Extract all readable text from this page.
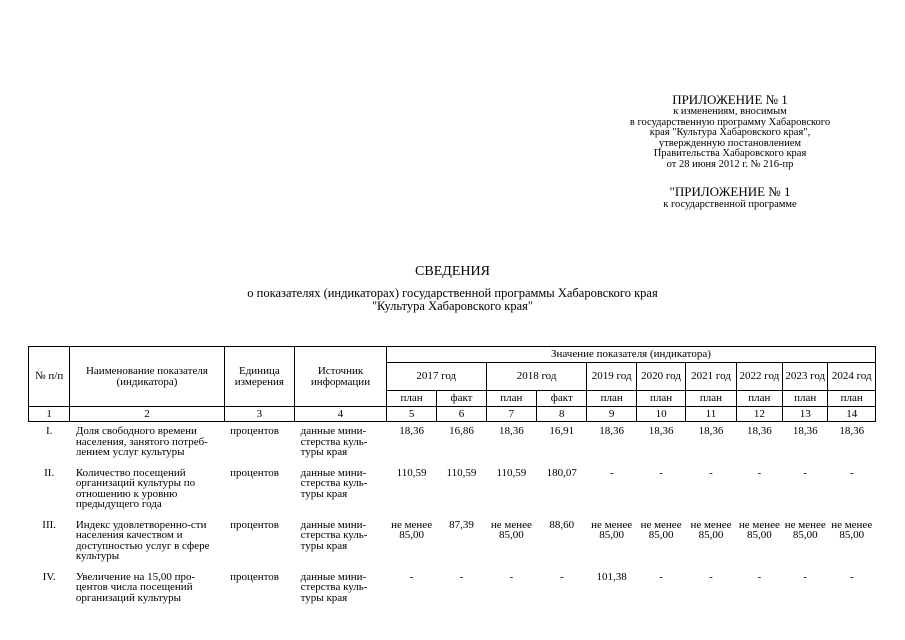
ПРИЛОЖЕНИЕ № 1
к изменениям, вносимым
в государственную программу Хабаровского
края "Культура Хабаровского края",
утвержденную постановлением
Правительства Хабаровского края
от 28 июня 2012 г. № 216-пр
"ПРИЛОЖЕНИЕ № 1
к государственной программе
СВЕДЕНИЯ
о показателях (индикаторах) государственной программы Хабаровского края
"Культура Хабаровского края"
№ п/п	Наименование показателя (индикатора)	Единица измерения	Источник информации	Значение показателя (индикатора)									
				2017 год		2018 год		2019 год	2020 год	2021 год	2022 год	2023 год	2024 год
				план	факт	план	факт	план	план	план	план	план	план
1	2	3	4	5	6	7	8	9	10	11	12	13	14
I.	Доля свободного времени населения, занятого потреб-лением услуг культуры	процентов	данные мини-стерства куль-туры края	18,36	16,86	18,36	16,91	18,36	18,36	18,36	18,36	18,36	18,36
II.	Количество посещений организаций культуры по отношению к уровню предыдущего года	процентов	данные мини-стерства куль-туры края	110,59	110,59	110,59	180,07	-	-	-	-	-	-
III.	Индекс удовлетворенно-сти населения качеством и доступностью услуг в сфере культуры	процентов	данные мини-стерства куль-туры края	не менее 85,00	87,39	не менее 85,00	88,60	не менее 85,00	не менее 85,00	не менее 85,00	не менее 85,00	не менее 85,00	не менее 85,00
IV.	Увеличение на 15,00 про-центов числа посещений организаций культуры	процентов	данные мини-стерства куль-туры края	-	-	-	-	101,38	-	-	-	-	-
